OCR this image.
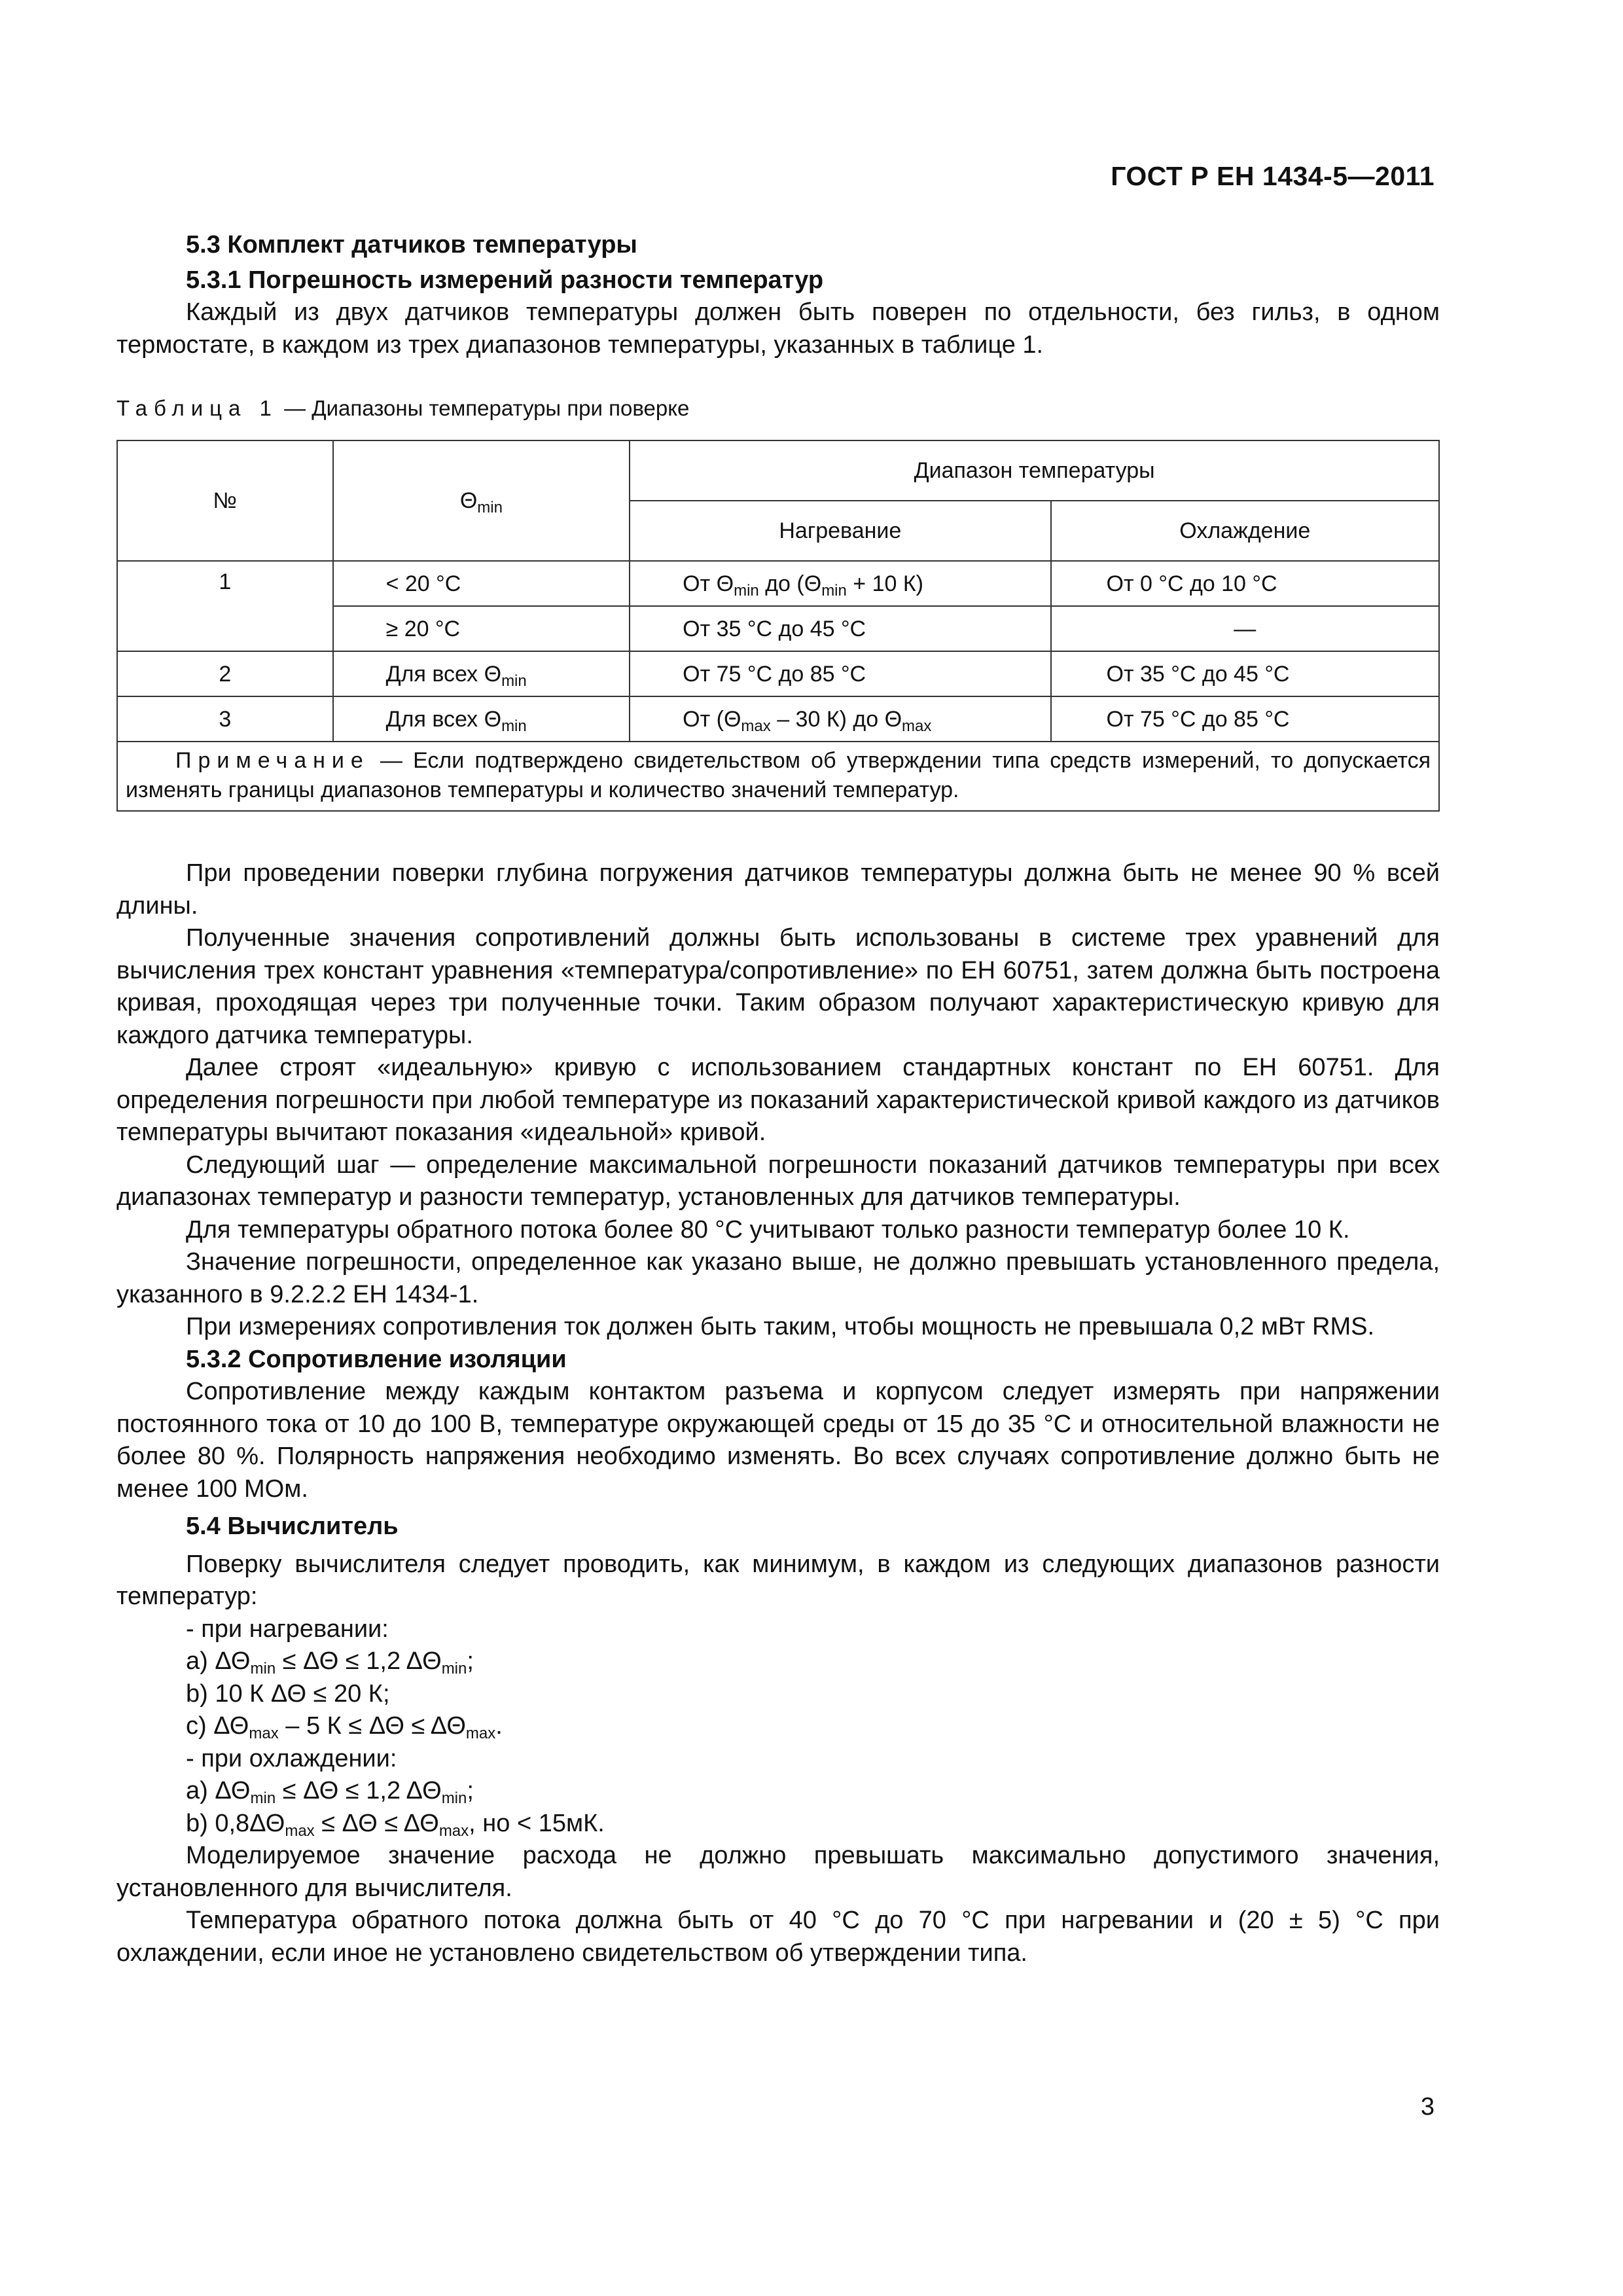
ГОСТ Р ЕН 1434-5—2011

5.3 Комплект датчиков температуры

5.3.1 Погрешность измерений разности температур

Каждый из двух датчиков температуры должен быть поверен по отдельности, без гильз, в одном термостате, в каждом из трех диапазонов температуры, указанных в таблице 1.

Таблица 1 — Диапазоны температуры при поверке

№	$\Theta_{min}$	Диапазон температуры	
		Нагревание	Охлаждение
1	< 20 °C	От $\Theta_{min}$ до ($\Theta_{min} + 10$ К)	От 0 °C до 10 °C
	≥ 20 °C	От 35 °C до 45 °C	—
2	Для всех $\Theta_{min}$	От 75 °C до 85 °C	От 35 °C до 45 °C
3	Для всех $\Theta_{min}$	От ($\Theta_{max} - 30$ К) до $\Theta_{max}$	От 75 °C до 85 °C
Примечание — Если подтверждено свидетельством об утверждении типа средств измерений, то допускается изменять границы диапазонов температуры и количество значений температур.			

При проведении поверки глубина погружения датчиков температуры должна быть не менее 90 % всей длины.

Полученные значения сопротивлений должны быть использованы в системе трех уравнений для вычисления трех констант уравнения «температура/сопротивление» по ЕН 60751, затем должна быть построена кривая, проходящая через три полученные точки. Таким образом получают характеристическую кривую для каждого датчика температуры.

Далее строят «идеальную» кривую с использованием стандартных констант по ЕН 60751. Для определения погрешности при любой температуре из показаний характеристической кривой каждого из датчиков температуры вычитают показания «идеальной» кривой.

Следующий шаг — определение максимальной погрешности показаний датчиков температуры при всех диапазонах температур и разности температур, установленных для датчиков температуры.

Для температуры обратного потока более 80 °C учитывают только разности температур более 10 К.

Значение погрешности, определенное как указано выше, не должно превышать установленного предела, указанного в 9.2.2.2 ЕН 1434-1.

При измерениях сопротивления ток должен быть таким, чтобы мощность не превышала 0,2 мВт RMS.

5.3.2 Сопротивление изоляции

Сопротивление между каждым контактом разъема и корпусом следует измерять при напряжении постоянного тока от 10 до 100 В, температуре окружающей среды от 15 до 35 °C и относительной влажности не более 80 %. Полярность напряжения необходимо изменять. Во всех случаях сопротивление должно быть не менее 100 МОм.

5.4 Вычислитель

Поверку вычислителя следует проводить, как минимум, в каждом из следующих диапазонов разности температур:

- при нагревании:

a) $\Delta\Theta_{min} \le \Delta\Theta \le 1,2$ $\Delta\Theta_{min}$;

b) 10 К ΔΘ ≤ 20 К;

c) $\Delta\Theta_{max} - 5$ $К \le \Delta\Theta \le \Delta\Theta_{max}$.

- при охлаждении:

a) $\Delta\Theta_{min} \le \Delta\Theta \le 1,2$ $\Delta\Theta_{min}$;

b) $0,8\Delta\Theta_{max} \le \Delta\Theta \le \Delta\Theta_{max}$, но < 15мК.

Моделируемое значение расхода не должно превышать максимально допустимого значения, установленного для вычислителя.

Температура обратного потока должна быть от 40 °C до 70 °C при нагревании и (20 ± 5) °C при охлаждении, если иное не установлено свидетельством об утверждении типа.

3
